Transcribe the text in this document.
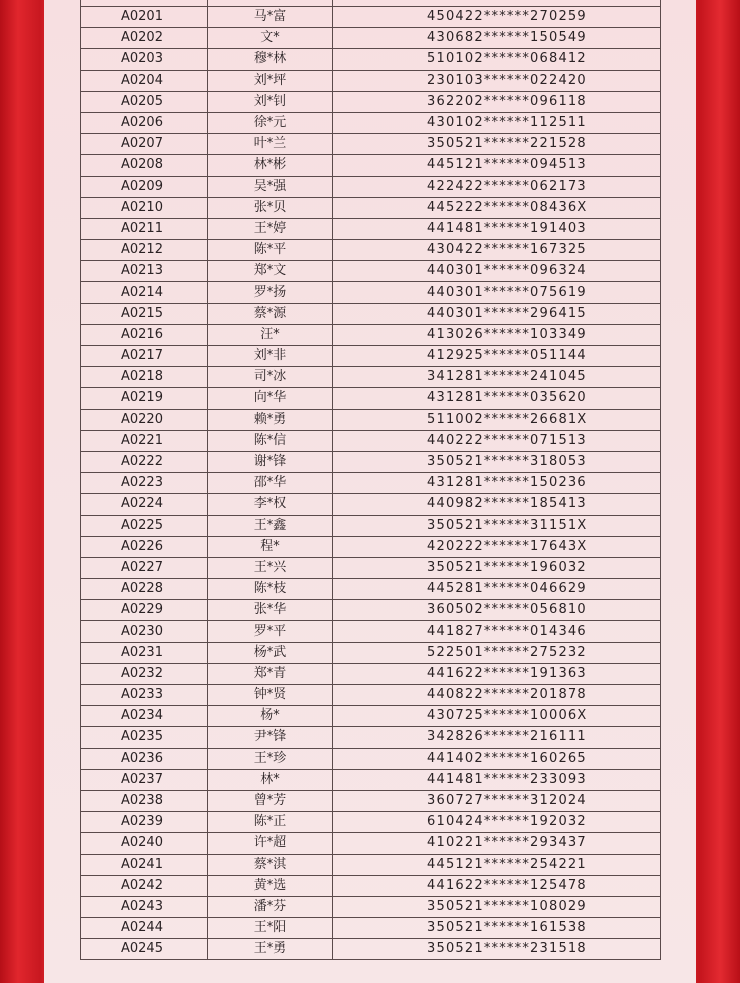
A0201	马*富	450422******270259
A0202	文*	430682******150549
A0203	穆*林	510102******068412
A0204	刘*坪	230103******022420
A0205	刘*钊	362202******096118
A0206	徐*元	430102******112511
A0207	叶*兰	350521******221528
A0208	林*彬	445121******094513
A0209	吴*强	422422******062173
A0210	张*贝	445222******08436X
A0211	王*婷	441481******191403
A0212	陈*平	430422******167325
A0213	郑*文	440301******096324
A0214	罗*扬	440301******075619
A0215	蔡*源	440301******296415
A0216	汪*	413026******103349
A0217	刘*非	412925******051144
A0218	司*冰	341281******241045
A0219	向*华	431281******035620
A0220	赖*勇	511002******26681X
A0221	陈*信	440222******071513
A0222	谢*锋	350521******318053
A0223	邵*华	431281******150236
A0224	李*权	440982******185413
A0225	王*鑫	350521******31151X
A0226	程*	420222******17643X
A0227	王*兴	350521******196032
A0228	陈*枝	445281******046629
A0229	张*华	360502******056810
A0230	罗*平	441827******014346
A0231	杨*武	522501******275232
A0232	郑*青	441622******191363
A0233	钟*贤	440822******201878
A0234	杨*	430725******10006X
A0235	尹*锋	342826******216111
A0236	王*珍	441402******160265
A0237	林*	441481******233093
A0238	曾*芳	360727******312024
A0239	陈*正	610424******192032
A0240	许*超	410221******293437
A0241	蔡*淇	445121******254221
A0242	黄*选	441622******125478
A0243	潘*芬	350521******108029
A0244	王*阳	350521******161538
A0245	王*勇	350521******231518
